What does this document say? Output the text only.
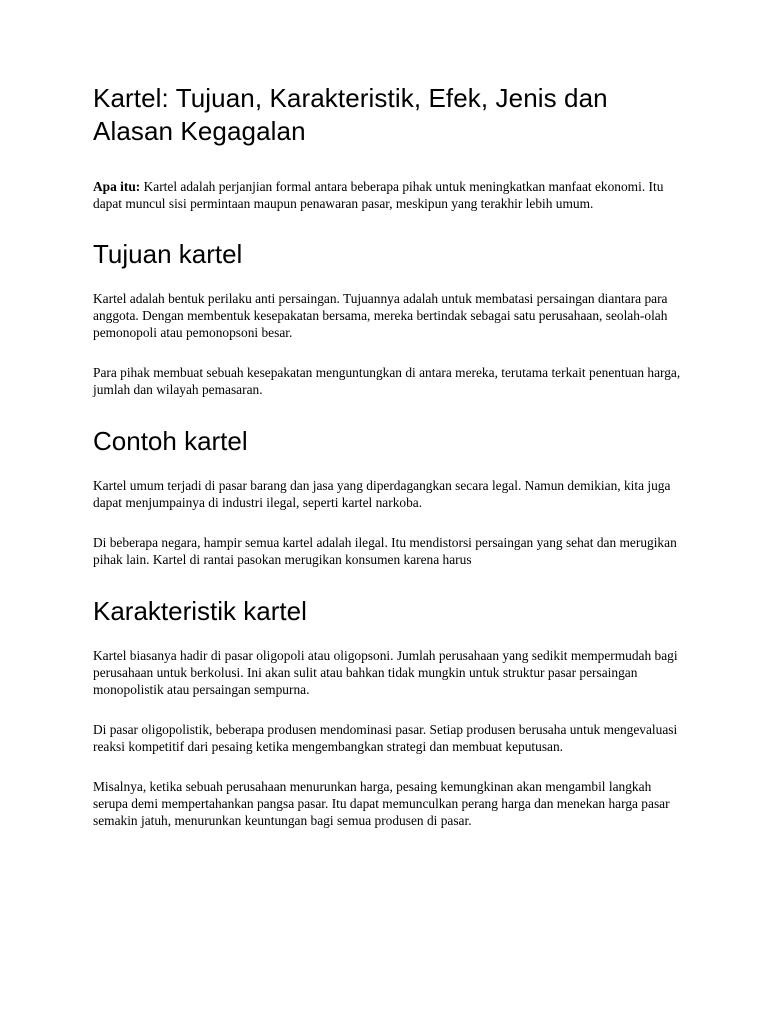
Kartel: Tujuan, Karakteristik, Efek, Jenis dan Alasan Kegagalan

Apa itu: Kartel adalah perjanjian formal antara beberapa pihak untuk meningkatkan manfaat ekonomi. Itu dapat muncul sisi permintaan maupun penawaran pasar, meskipun yang terakhir lebih umum.

Tujuan kartel

Kartel adalah bentuk perilaku anti persaingan. Tujuannya adalah untuk membatasi persaingan diantara para anggota. Dengan membentuk kesepakatan bersama, mereka bertindak sebagai satu perusahaan, seolah-olah pemonopoli atau pemonopsoni besar.

Para pihak membuat sebuah kesepakatan menguntungkan di antara mereka, terutama terkait penentuan harga, jumlah dan wilayah pemasaran.

Contoh kartel

Kartel umum terjadi di pasar barang dan jasa yang diperdagangkan secara legal. Namun demikian, kita juga dapat menjumpainya di industri ilegal, seperti kartel narkoba.

Di beberapa negara, hampir semua kartel adalah ilegal. Itu mendistorsi persaingan yang sehat dan merugikan pihak lain. Kartel di rantai pasokan merugikan konsumen karena harus

Karakteristik kartel

Kartel biasanya hadir di pasar oligopoli atau oligopsoni. Jumlah perusahaan yang sedikit mempermudah bagi perusahaan untuk berkolusi. Ini akan sulit atau bahkan tidak mungkin untuk struktur pasar persaingan monopolistik atau persaingan sempurna.

Di pasar oligopolistik, beberapa produsen mendominasi pasar. Setiap produsen berusaha untuk mengevaluasi reaksi kompetitif dari pesaing ketika mengembangkan strategi dan membuat keputusan.

Misalnya, ketika sebuah perusahaan menurunkan harga, pesaing kemungkinan akan mengambil langkah serupa demi mempertahankan pangsa pasar. Itu dapat memunculkan perang harga dan menekan harga pasar semakin jatuh, menurunkan keuntungan bagi semua produsen di pasar.
